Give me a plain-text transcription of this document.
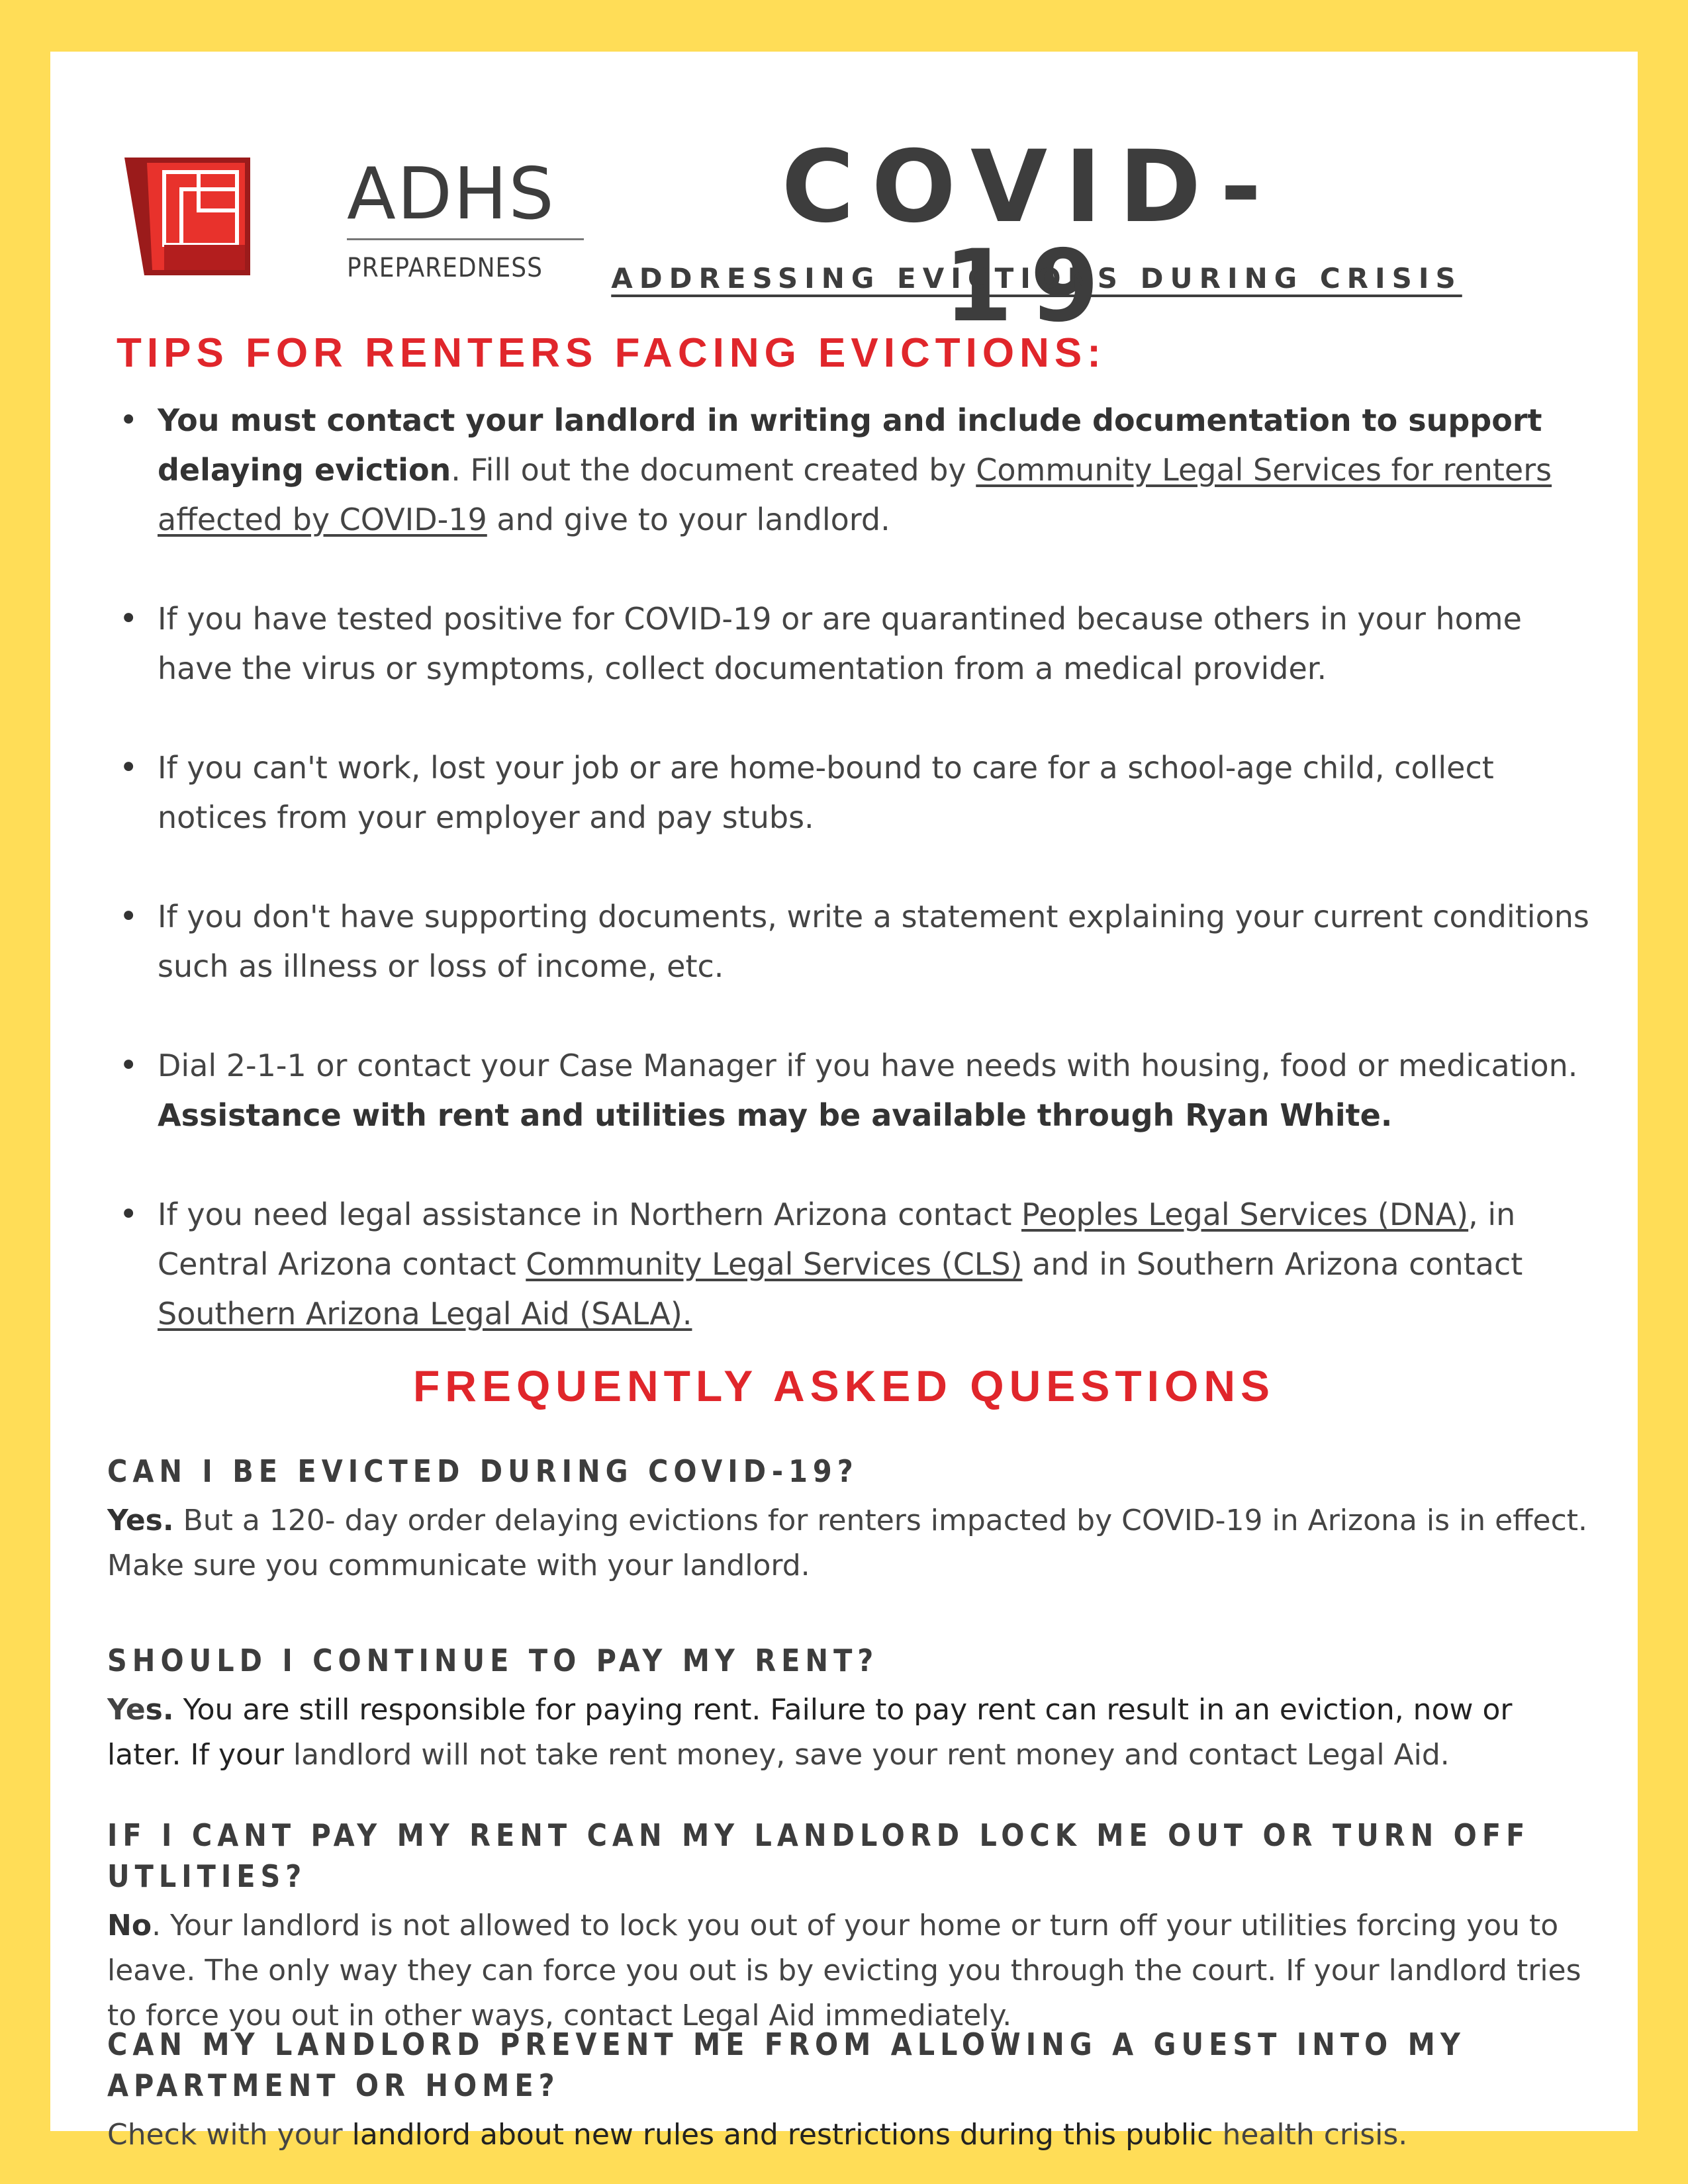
ADHS
PREPAREDNESS
COVID-19
ADDRESSING EVICTIONS DURING CRISIS
TIPS FOR RENTERS FACING EVICTIONS:
• You must contact your landlord in writing and include documentation to support delaying eviction. Fill out the document created by Community Legal Services for renters affected by COVID-19 and give to your landlord.
• If you have tested positive for COVID-19 or are quarantined because others in your home have the virus or symptoms, collect documentation from a medical provider.
• If you can't work, lost your job or are home-bound to care for a school-age child, collect notices from your employer and pay stubs.
• If you don't have supporting documents, write a statement explaining your current conditions such as illness or loss of income, etc.
• Dial 2-1-1 or contact your Case Manager if you have needs with housing, food or medication. Assistance with rent and utilities may be available through Ryan White.
• If you need legal assistance in Northern Arizona contact Peoples Legal Services (DNA), in Central Arizona contact Community Legal Services (CLS) and in Southern Arizona contact Southern Arizona Legal Aid (SALA).
FREQUENTLY ASKED QUESTIONS
CAN I BE EVICTED DURING COVID-19?

Yes. But a 120- day order delaying evictions for renters impacted by COVID-19 in Arizona is in effect. Make sure you communicate with your landlord.

SHOULD I CONTINUE TO PAY MY RENT?

Yes. You are still responsible for paying rent. Failure to pay rent can result in an eviction, now or later. If your landlord will not take rent money, save your rent money and contact Legal Aid.

IF I CANT PAY MY RENT CAN MY LANDLORD LOCK ME OUT OR TURN OFF UTLITIES?

No. Your landlord is not allowed to lock you out of your home or turn off your utilities forcing you to leave. The only way they can force you out is by evicting you through the court. If your landlord tries to force you out in other ways, contact Legal Aid immediately.

CAN MY LANDLORD PREVENT ME FROM ALLOWING A GUEST INTO MY APARTMENT OR HOME?

Check with your landlord about new rules and restrictions during this public health crisis.
